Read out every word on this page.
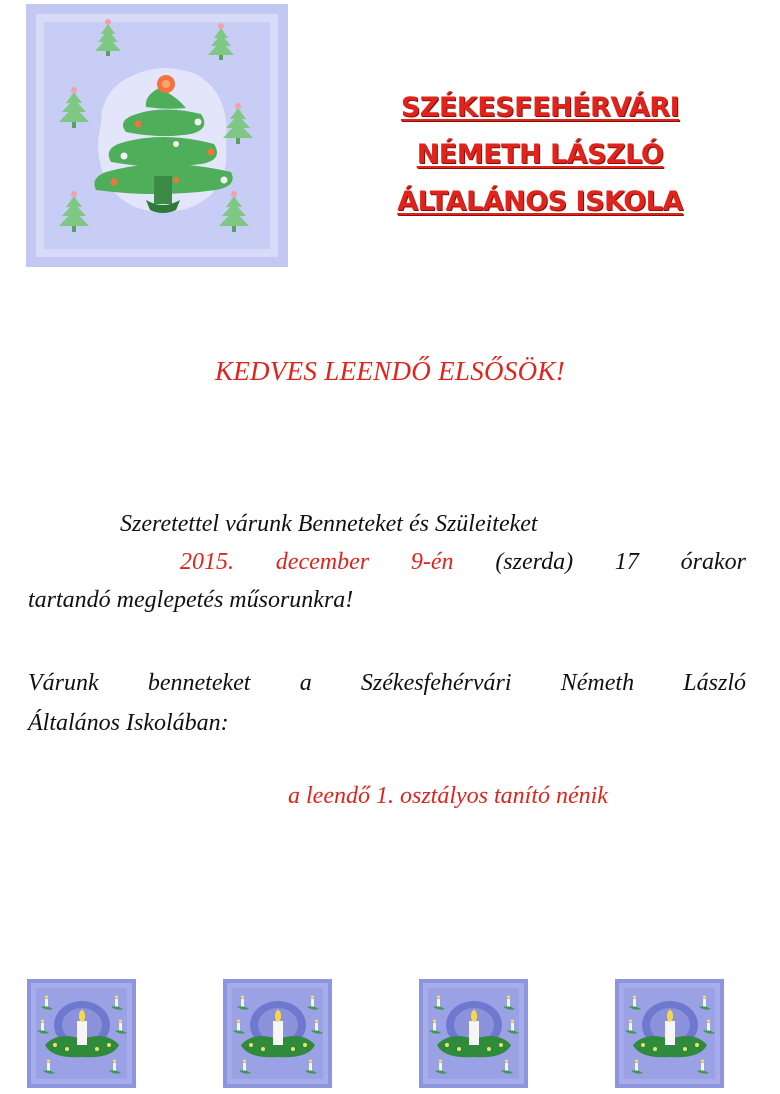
SZÉKESFEHÉRVÁRI
NÉMETH LÁSZLÓ
ÁLTALÁNOS ISKOLA
KEDVES LEENDŐ ELSŐSÖK!
Szeretettel várunk Benneteket és Szüleiteket
2015. december 9-én (szerda) 17 órakor
tartandó meglepetés műsorunkra!
Várunk benneteket a Székesfehérvári Németh László
Általános Iskolában:
a leendő 1. osztályos tanító nénik
